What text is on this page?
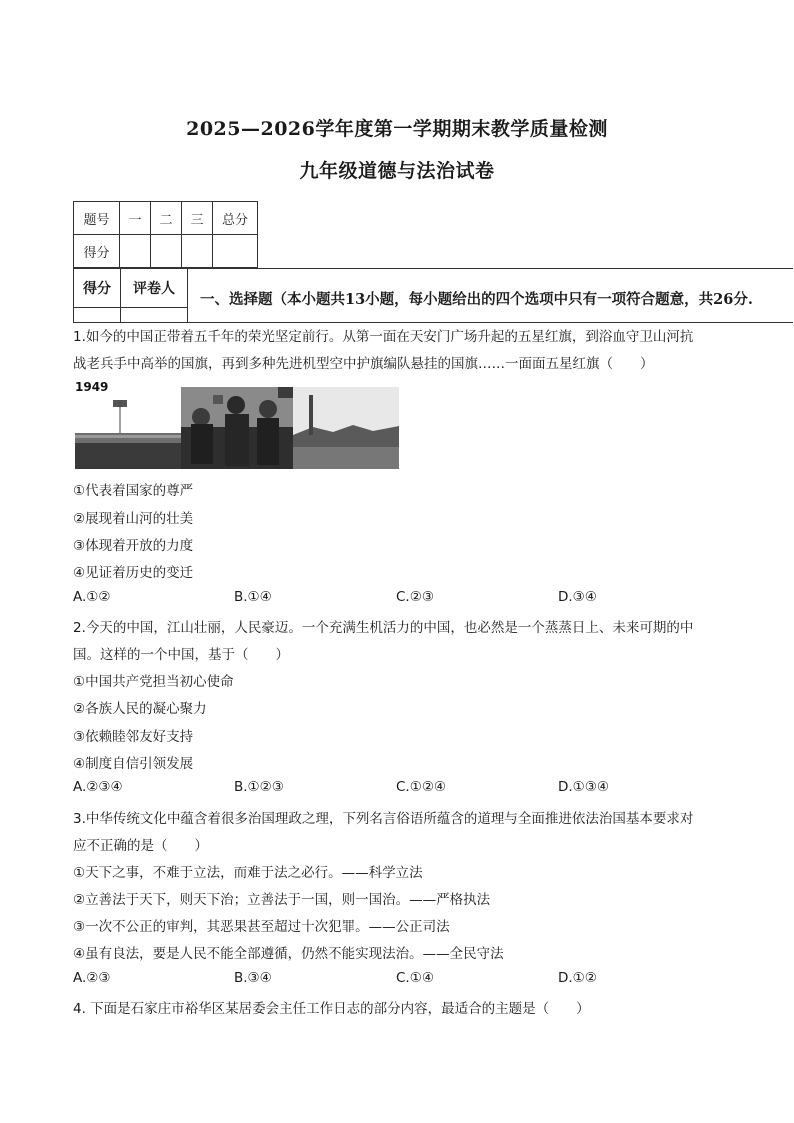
2025—2026学年度第一学期期末教学质量检测
九年级道德与法治试卷
题号	一	二	三	总分
得分				
得分	评卷人	

一、选择题（本小题共13小题，每小题给出的四个选项中只有一项符合题意，共26分.
1.如今的中国正带着五千年的荣光坚定前行。从第一面在天安门广场升起的五星红旗，到浴血守卫山河抗
战老兵手中高举的国旗，再到多种先进机型空中护旗编队悬挂的国旗……一面面五星红旗（　　）
1949
①代表着国家的尊严
②展现着山河的壮美
③体现着开放的力度
④见证着历史的变迁
A.①②	B.①④	C.②③	D.③④
2.今天的中国，江山壮丽，人民豪迈。一个充满生机活力的中国，也必然是一个蒸蒸日上、未来可期的中
国。这样的一个中国，基于（　　）
①中国共产党担当初心使命
②各族人民的凝心聚力
③依赖睦邻友好支持
④制度自信引领发展
A.②③④	B.①②③	C.①②④	D.①③④
3.中华传统文化中蕴含着很多治国理政之理，下列名言俗语所蕴含的道理与全面推进依法治国基本要求对
应不正确的是（　　）
①天下之事，不难于立法，而难于法之必行。——科学立法
②立善法于天下，则天下治；立善法于一国，则一国治。——严格执法
③一次不公正的审判，其恶果甚至超过十次犯罪。——公正司法
④虽有良法，要是人民不能全部遵循，仍然不能实现法治。——全民守法
A.②③	B.③④	C.①④	D.①②
4. 下面是石家庄市裕华区某居委会主任工作日志的部分内容，最适合的主题是（　　）
